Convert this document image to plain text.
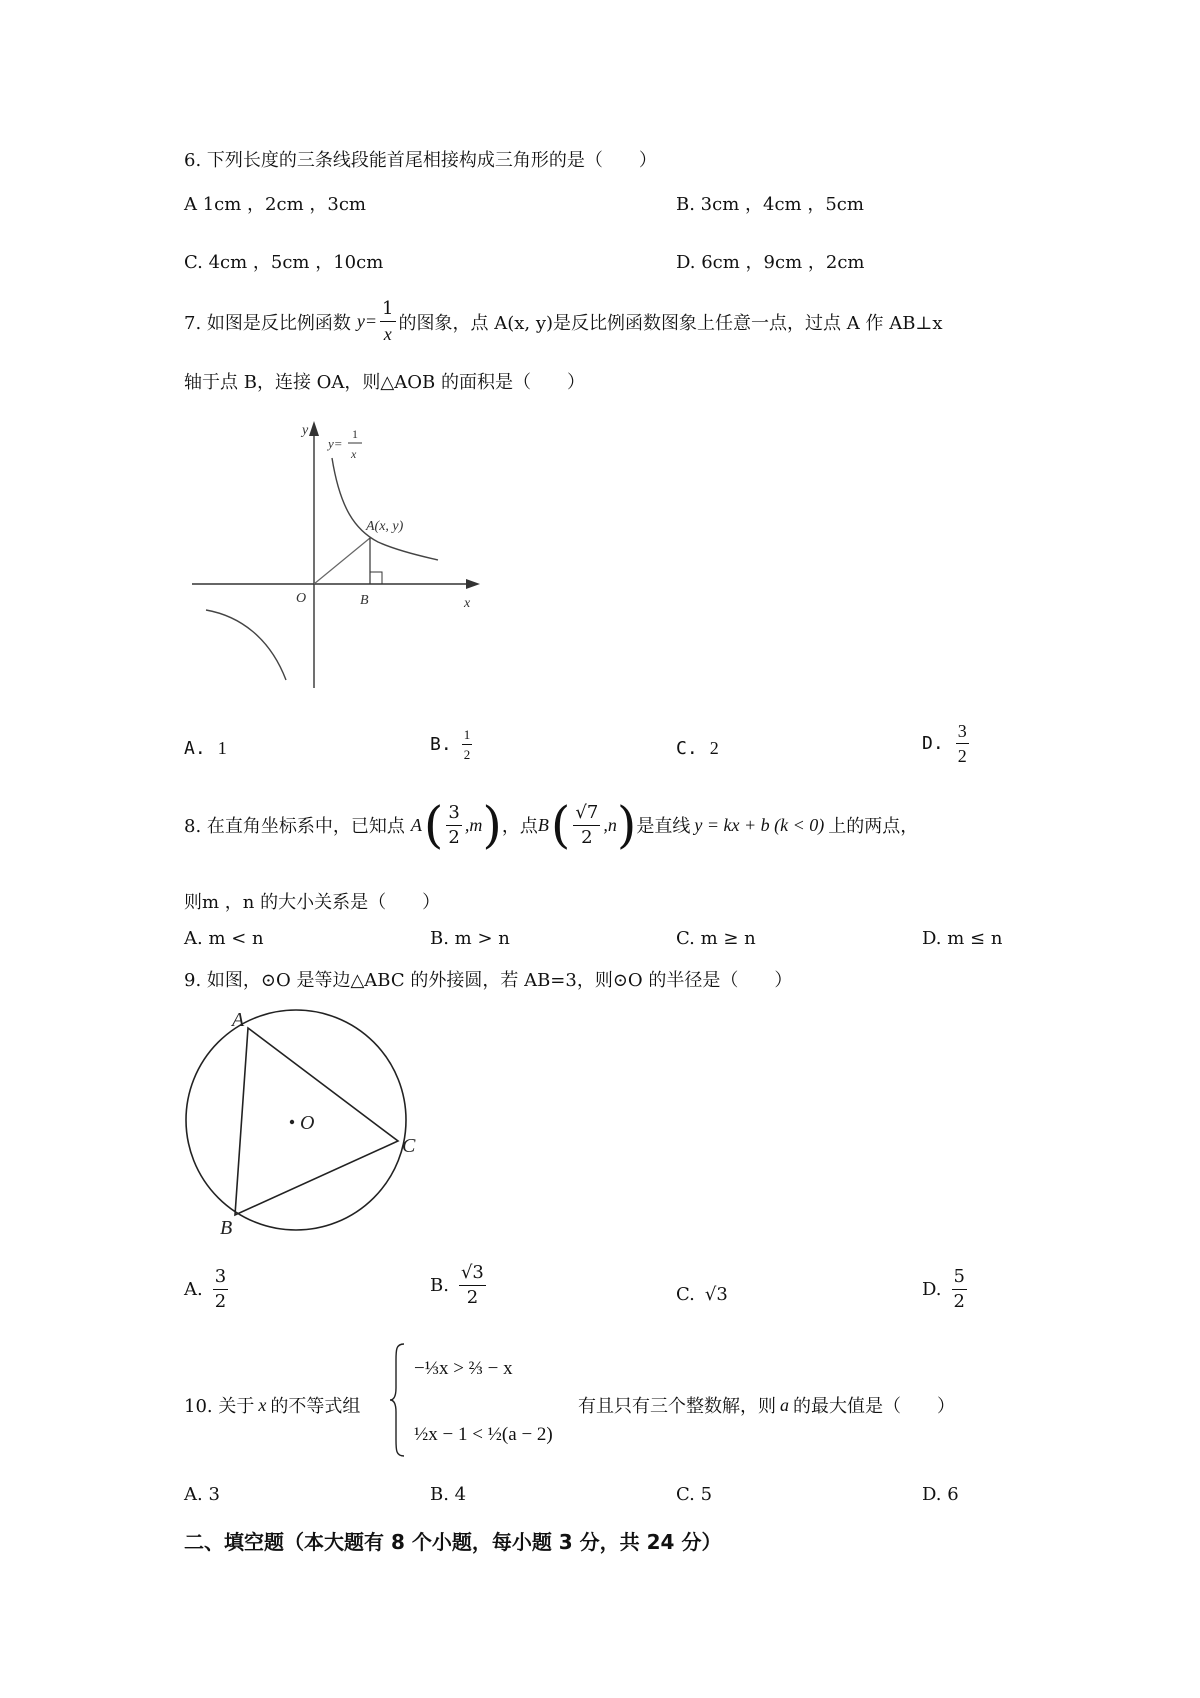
6. 下列长度的三条线段能首尾相接构成三角形的是（　　）
A 1cm ，2cm ，3cm	B. 3cm ，4cm ，5cm
C. 4cm ，5cm ，10cm	D. 6cm ，9cm ，2cm
7. 如图是反比例函数 $y= \frac{1}{x}$ 的图象，点 A(x, y)是反比例函数图象上任意一点，过点 A 作 AB⊥x
轴于点 B，连接 OA，则△AOB 的面积是（　　）
y
x
O	B
A(x, y)
y=
1
x
A. 1	B. $\frac{1}{2}$	C. 2	D. $\frac{3}{2}$
8. 在直角坐标系中，已知点 A ( $\frac{3}{2} ,m$ ) ，点 B ( $\frac{√7}{2} ,n$ ) 是直线 y = kx + b (k < 0) 上的两点，
则m ，n 的大小关系是（　　）
A. m < n	B. m > n	C. m ≥ n	D. m ≤ n
9. 如图，⊙O 是等边△ABC 的外接圆，若 AB=3，则⊙O 的半径是（　　）
A
B
C
O
A. $\frac{3}{2}$	B. $\frac{√3}{2}$	C. √3	D. $\frac{5}{2}$
10. 关于 x 的不等式组
−⅓x > ⅔ − x
½x − 1 < ½(a − 2)
有且只有三个整数解，则 a 的最大值是（　　）
A. 3	B. 4	C. 5	D. 6
二、填空题（本大题有 8 个小题，每小题 3 分，共 24 分）
